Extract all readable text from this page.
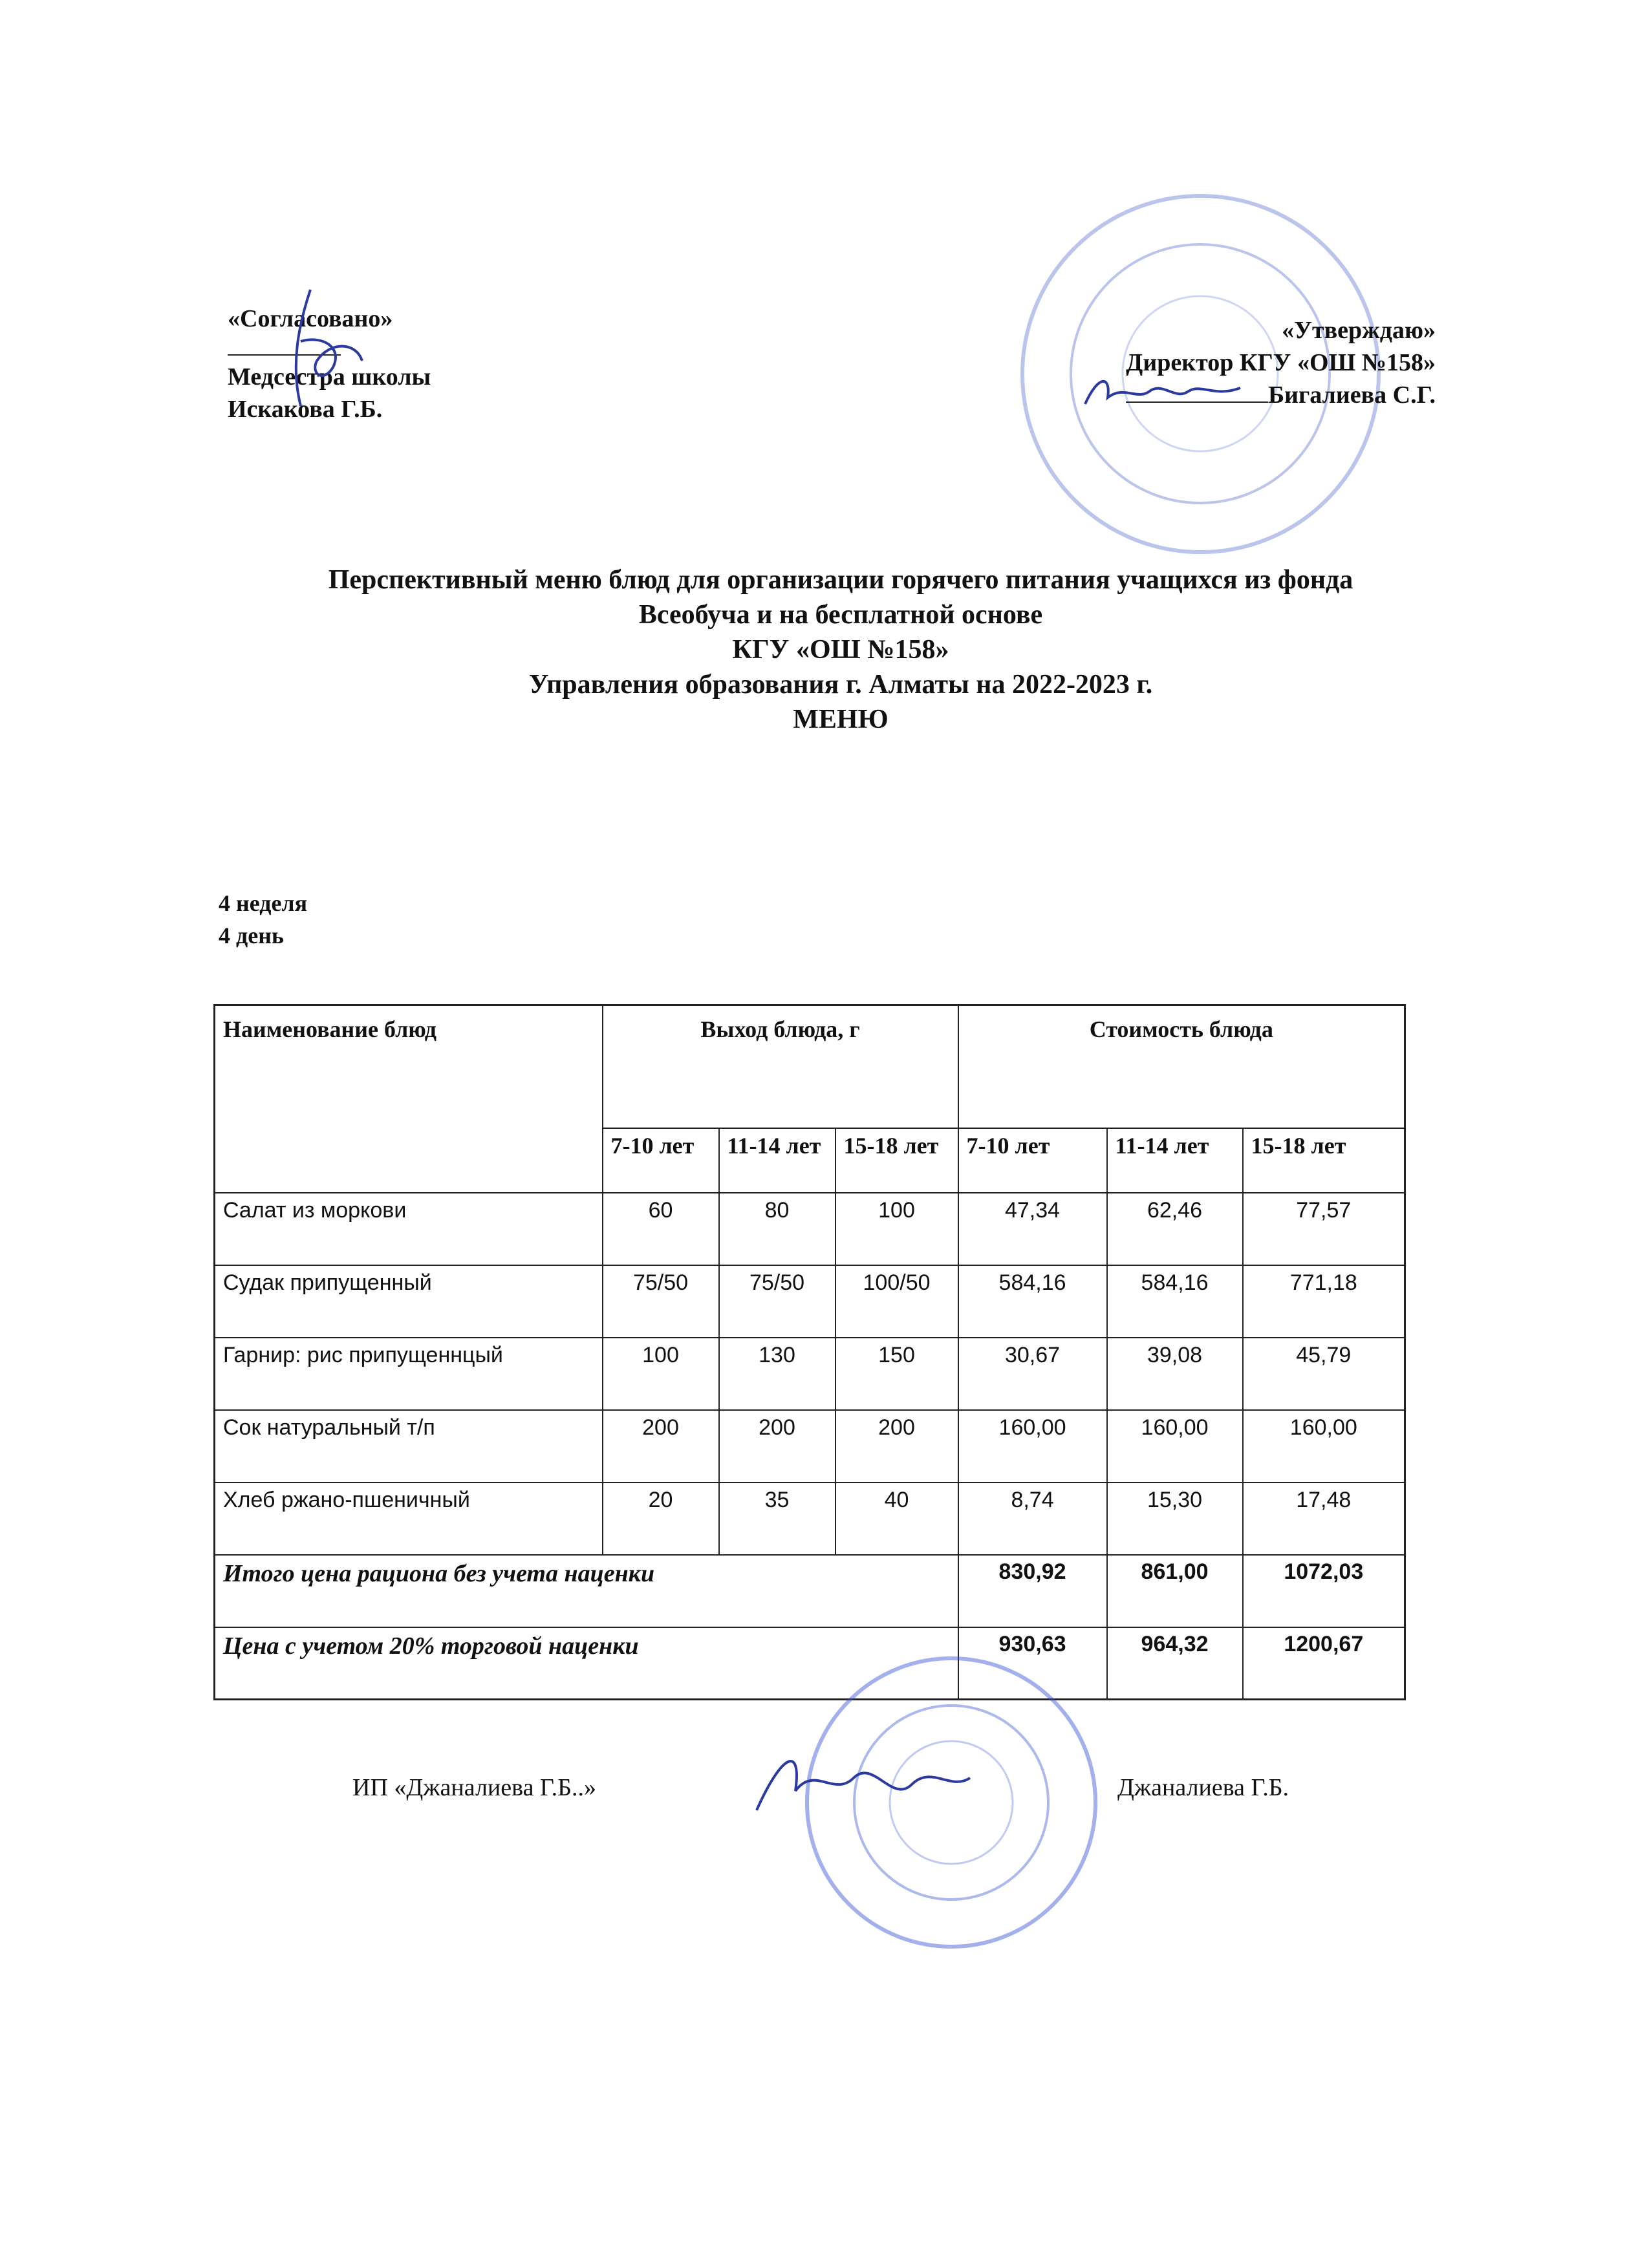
«Согласовано»
Медсестра школы
Искакова Г.Б.
«Утверждаю»
Директор КГУ «ОШ №158»
Бигалиева С.Г.
Перспективный меню блюд для организации горячего питания учащихся из фонда
Всеобуча и на бесплатной основе
КГУ «ОШ №158»
Управления образования г. Алматы на 2022-2023 г.
МЕНЮ
4 неделя
4 день
Наименование блюд	Выход блюда, г			Стоимость блюда		
	7-10 лет	11-14 лет	15-18 лет	7-10 лет	11-14 лет	15-18 лет
Салат из моркови	60	80	100	47,34	62,46	77,57
Судак припущенный	75/50	75/50	100/50	584,16	584,16	771,18
Гарнир: рис припущеннцый	100	130	150	30,67	39,08	45,79
Сок натуральный т/п	200	200	200	160,00	160,00	160,00
Хлеб ржано-пшеничный	20	35	40	8,74	15,30	17,48
Итого цена рациона без учета наценки				830,92	861,00	1072,03
Цена с учетом 20% торговой наценки				930,63	964,32	1200,67
ИП «Джаналиева Г.Б..»	Джаналиева Г.Б.
